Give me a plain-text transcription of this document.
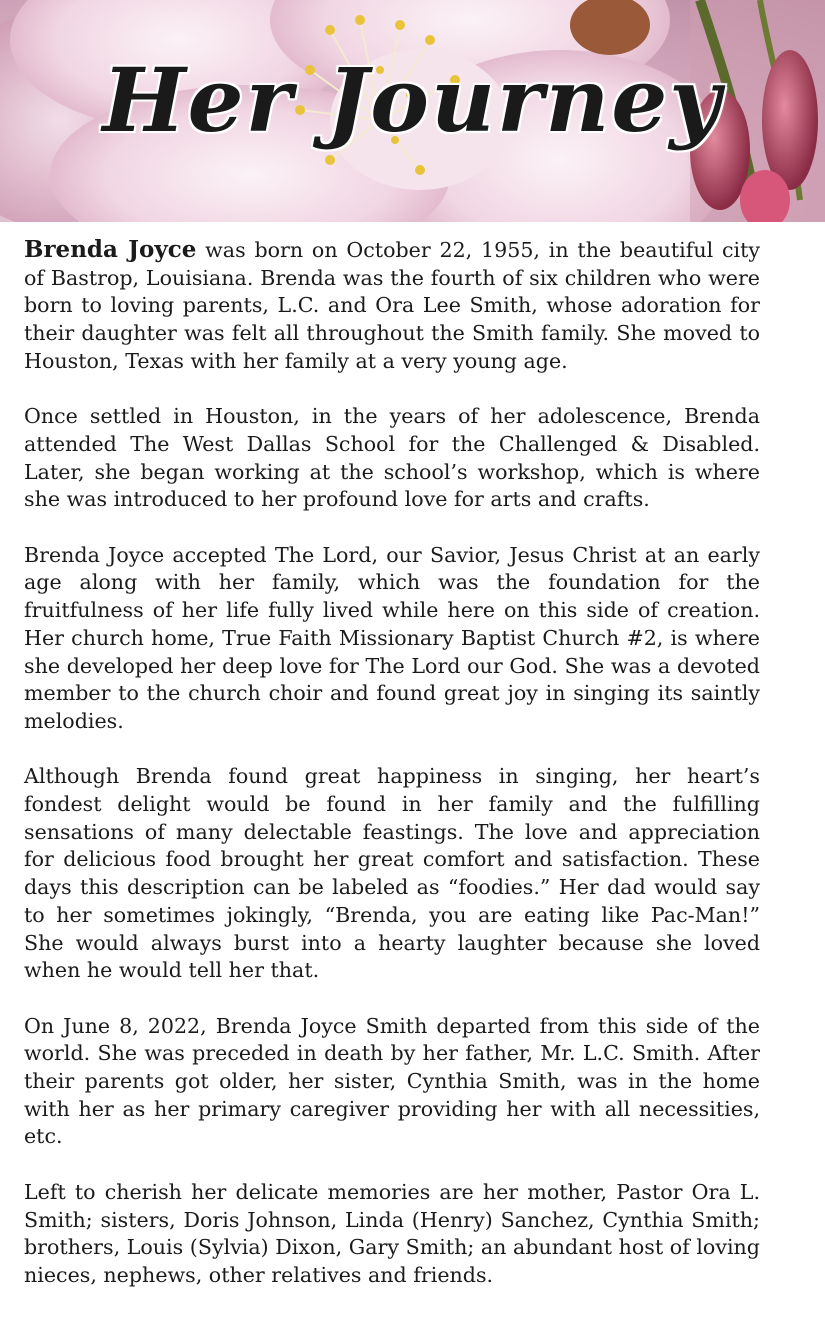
Her Journey

Brenda Joyce was born on October 22, 1955, in the beautiful city of Bastrop, Louisiana. Brenda was the fourth of six children who were born to loving parents, L.C. and Ora Lee Smith, whose adoration for their daughter was felt all throughout the Smith family. She moved to Houston, Texas with her family at a very young age.

Once settled in Houston, in the years of her adolescence, Brenda attended The West Dallas School for the Challenged & Disabled. Later, she began working at the school’s workshop, which is where she was introduced to her profound love for arts and crafts.

Brenda Joyce accepted The Lord, our Savior, Jesus Christ at an early age along with her family, which was the foundation for the fruitfulness of her life fully lived while here on this side of creation. Her church home, True Faith Missionary Baptist Church #2, is where she developed her deep love for The Lord our God. She was a devoted member to the church choir and found great joy in singing its saintly melodies.

Although Brenda found great happiness in singing, her heart’s fondest delight would be found in her family and the fulfilling sensations of many delectable feastings. The love and appreciation for delicious food brought her great comfort and satisfaction. These days this description can be labeled as “foodies.” Her dad would say to her sometimes jokingly, “Brenda, you are eating like Pac-Man!” She would always burst into a hearty laughter because she loved when he would tell her that.

On June 8, 2022, Brenda Joyce Smith departed from this side of the world. She was preceded in death by her father, Mr. L.C. Smith. After their parents got older, her sister, Cynthia Smith, was in the home with her as her primary caregiver providing her with all necessities, etc.

Left to cherish her delicate memories are her mother, Pastor Ora L. Smith; sisters, Doris Johnson, Linda (Henry) Sanchez, Cynthia Smith; brothers, Louis (Sylvia) Dixon, Gary Smith; an abundant host of loving nieces, nephews, other relatives and friends.
